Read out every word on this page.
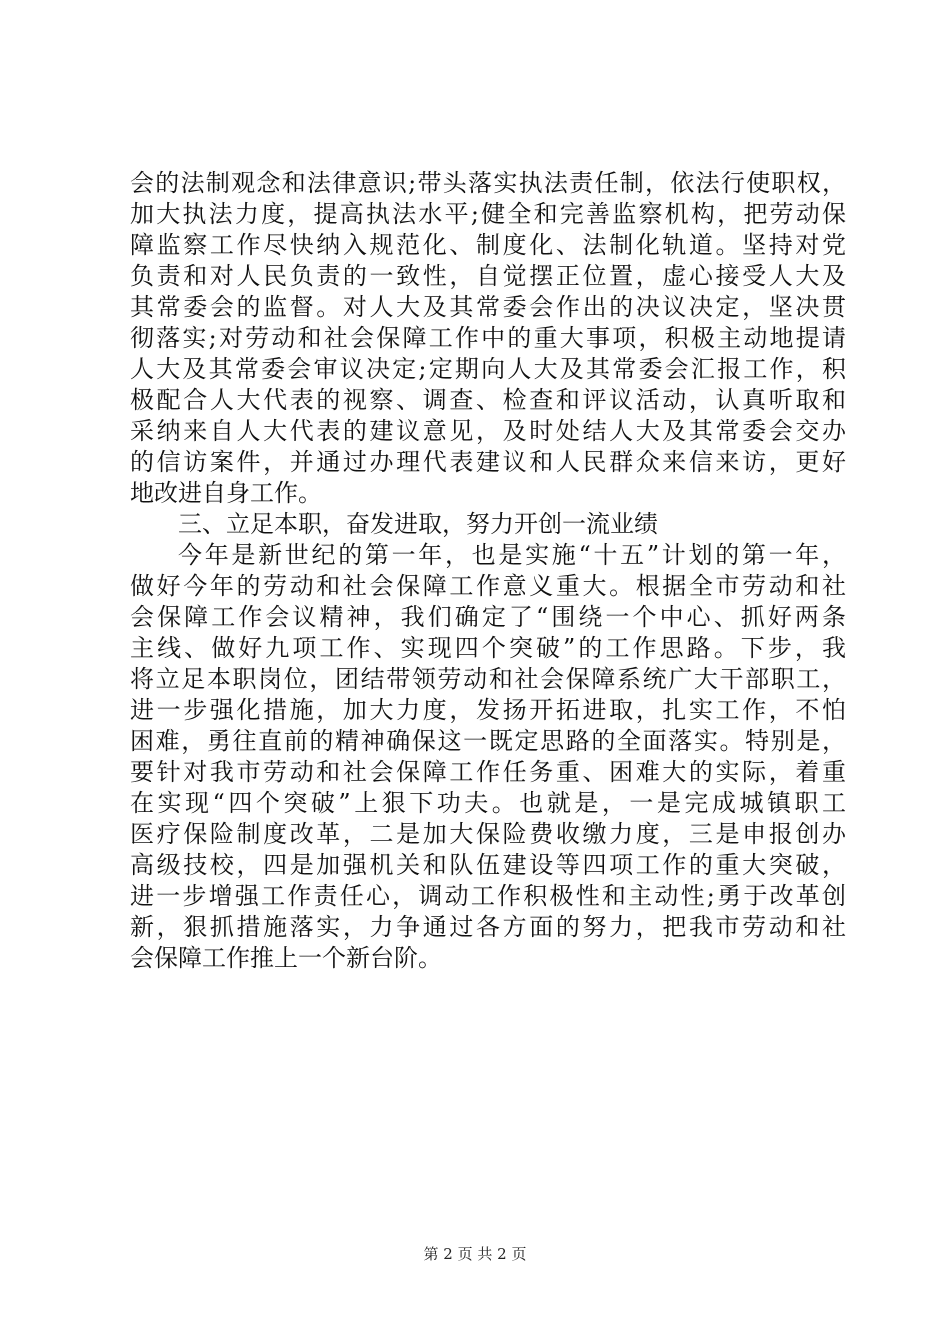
会的法制观念和法律意识;带头落实执法责任制，依法行使职权，
加大执法力度，提高执法水平;健全和完善监察机构，把劳动保
障监察工作尽快纳入规范化、制度化、法制化轨道。坚持对党
负责和对人民负责的一致性，自觉摆正位置，虚心接受人大及
其常委会的监督。对人大及其常委会作出的决议决定，坚决贯
彻落实;对劳动和社会保障工作中的重大事项，积极主动地提请
人大及其常委会审议决定;定期向人大及其常委会汇报工作，积
极配合人大代表的视察、调查、检查和评议活动，认真听取和
采纳来自人大代表的建议意见，及时处结人大及其常委会交办
的信访案件，并通过办理代表建议和人民群众来信来访，更好
地改进自身工作。
三、立足本职，奋发进取，努力开创一流业绩
今年是新世纪的第一年，也是实施“十五”计划的第一年，
做好今年的劳动和社会保障工作意义重大。根据全市劳动和社
会保障工作会议精神，我们确定了“围绕一个中心、抓好两条
主线、做好九项工作、实现四个突破”的工作思路。下步，我
将立足本职岗位，团结带领劳动和社会保障系统广大干部职工，
进一步强化措施，加大力度，发扬开拓进取，扎实工作，不怕
困难，勇往直前的精神确保这一既定思路的全面落实。特别是，
要针对我市劳动和社会保障工作任务重、困难大的实际，着重
在实现“四个突破”上狠下功夫。也就是，一是完成城镇职工
医疗保险制度改革，二是加大保险费收缴力度，三是申报创办
高级技校，四是加强机关和队伍建设等四项工作的重大突破，
进一步增强工作责任心，调动工作积极性和主动性;勇于改革创
新，狠抓措施落实，力争通过各方面的努力，把我市劳动和社
会保障工作推上一个新台阶。
第 2 页 共 2 页
